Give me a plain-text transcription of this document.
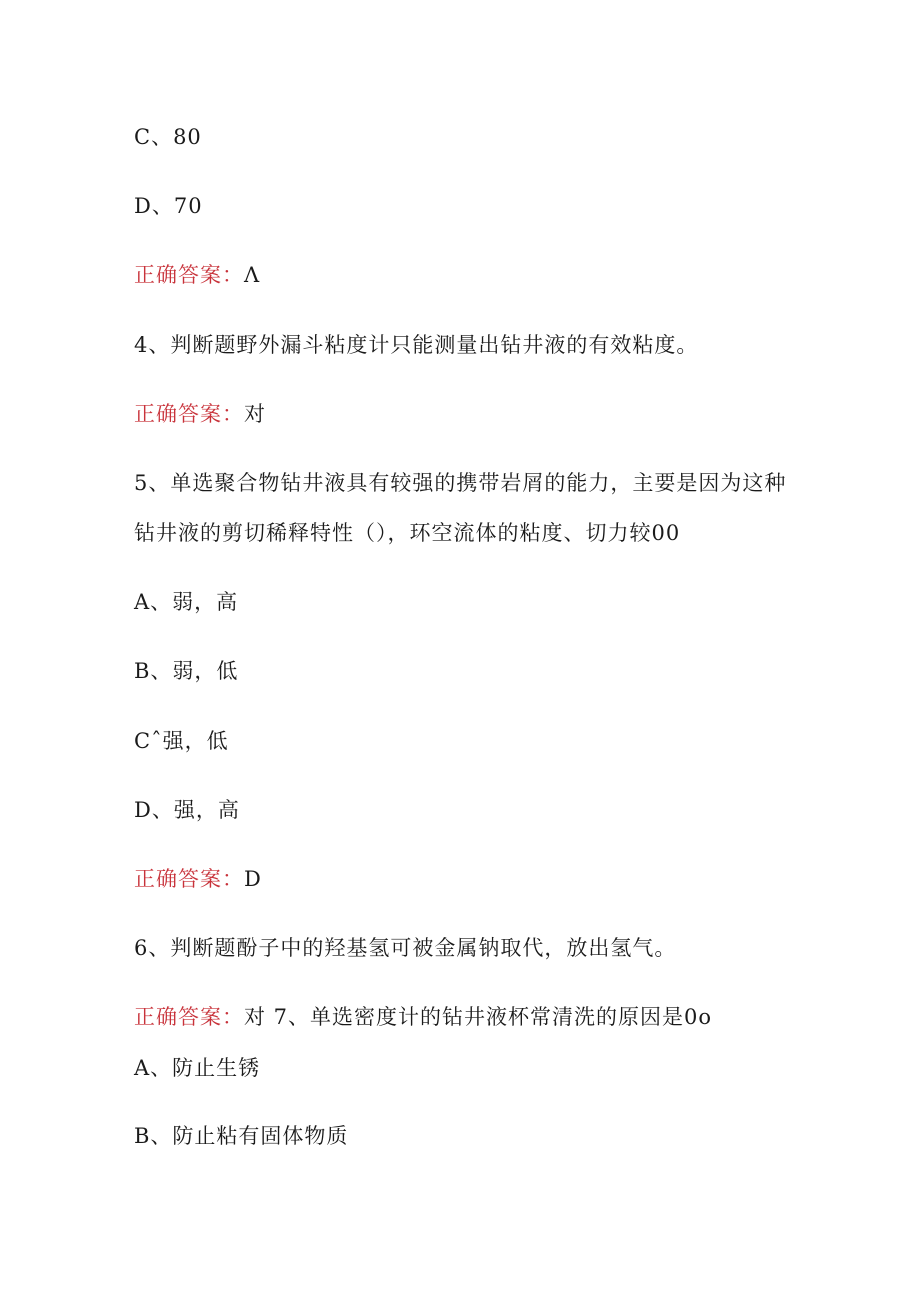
C、80
D、70
正确答案：Λ
4、判断题野外漏斗粘度计只能测量出钻井液的有效粘度。
正确答案：对
5、单选聚合物钻井液具有较强的携带岩屑的能力，主要是因为这种
钻井液的剪切稀释特性（），环空流体的粘度、切力较00
A、弱，高
B、弱，低
Cˆ强，低
D、强，高
正确答案：D
6、判断题酚子中的羟基氢可被金属钠取代，放出氢气。
正确答案：对 7、单选密度计的钻井液杯常清洗的原因是0o
A、防止生锈
B、防止粘有固体物质
